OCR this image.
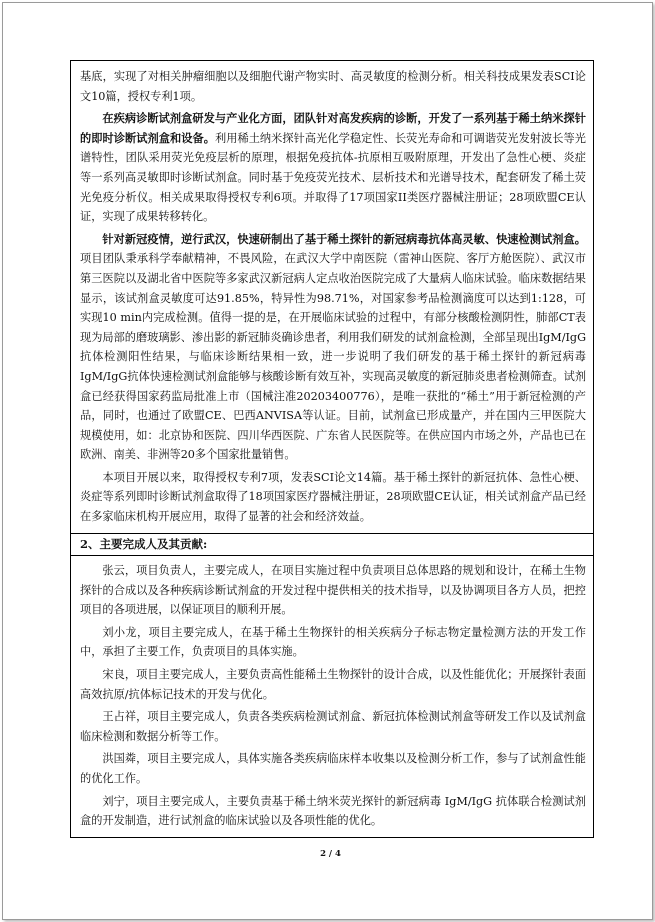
基底，实现了对相关肿瘤细胞以及细胞代谢产物实时、高灵敏度的检测分析。相关科技成果发表SCI论文10篇，授权专利1项。

在疾病诊断试剂盒研发与产业化方面，团队针对高发疾病的诊断，开发了一系列基于稀土纳米探针的即时诊断试剂盒和设备。利用稀土纳米探针高光化学稳定性、长荧光寿命和可调谐荧光发射波长等光谱特性，团队采用荧光免疫层析的原理，根据免疫抗体-抗原相互吸附原理，开发出了急性心梗、炎症等一系列高灵敏即时诊断试剂盒。同时基于免疫荧光技术、层析技术和光谱导技术，配套研发了稀土荧光免疫分析仪。相关成果取得授权专利6项。并取得了17项国家II类医疗器械注册证；28项欧盟CE认证，实现了成果转移转化。

针对新冠疫情，逆行武汉，快速研制出了基于稀土探针的新冠病毒抗体高灵敏、快速检测试剂盒。项目团队秉承科学奉献精神，不畏风险，在武汉大学中南医院（雷神山医院、客厅方舱医院）、武汉市第三医院以及湖北省中医院等多家武汉新冠病人定点收治医院完成了大量病人临床试验。临床数据结果显示，该试剂盒灵敏度可达91.85%，特异性为98.71%，对国家参考品检测滴度可以达到1:128，可实现10 min内完成检测。值得一提的是，在开展临床试验的过程中，有部分核酸检测阴性，肺部CT表现为局部的磨玻璃影、渗出影的新冠肺炎确诊患者，利用我们研发的试剂盒检测，全部呈现出IgM/IgG抗体检测阳性结果，与临床诊断结果相一致，进一步说明了我们研发的基于稀土探针的新冠病毒IgM/IgG抗体快速检测试剂盒能够与核酸诊断有效互补，实现高灵敏度的新冠肺炎患者检测筛查。试剂盒已经获得国家药监局批准上市（国械注准20203400776），是唯一获批的“稀土”用于新冠检测的产品，同时，也通过了欧盟CE、巴西ANVISA等认证。目前，试剂盒已形成量产，并在国内三甲医院大规模使用，如：北京协和医院、四川华西医院、广东省人民医院等。在供应国内市场之外，产品也已在欧洲、南美、非洲等20多个国家批量销售。

本项目开展以来，取得授权专利7项，发表SCI论文14篇。基于稀土探针的新冠抗体、急性心梗、炎症等系列即时诊断试剂盒取得了18项国家医疗器械注册证，28项欧盟CE认证，相关试剂盒产品已经在多家临床机构开展应用，取得了显著的社会和经济效益。

2、主要完成人及其贡献:

张云，项目负责人，主要完成人，在项目实施过程中负责项目总体思路的规划和设计，在稀土生物探针的合成以及各种疾病诊断试剂盒的开发过程中提供相关的技术指导，以及协调项目各方人员，把控项目的各项进展，以保证项目的顺利开展。

刘小龙，项目主要完成人，在基于稀土生物探针的相关疾病分子标志物定量检测方法的开发工作中，承担了主要工作，负责项目的具体实施。

宋良，项目主要完成人，主要负责高性能稀土生物探针的设计合成，以及性能优化；开展探针表面高效抗原/抗体标记技术的开发与优化。

王占祥，项目主要完成人，负责各类疾病检测试剂盒、新冠抗体检测试剂盒等研发工作以及试剂盒临床检测和数据分析等工作。

洪国粦，项目主要完成人，具体实施各类疾病临床样本收集以及检测分析工作，参与了试剂盒性能的优化工作。

刘宁，项目主要完成人，主要负责基于稀土纳米荧光探针的新冠病毒 IgM/IgG 抗体联合检测试剂盒的开发制造，进行试剂盒的临床试验以及各项性能的优化。

2 / 4
